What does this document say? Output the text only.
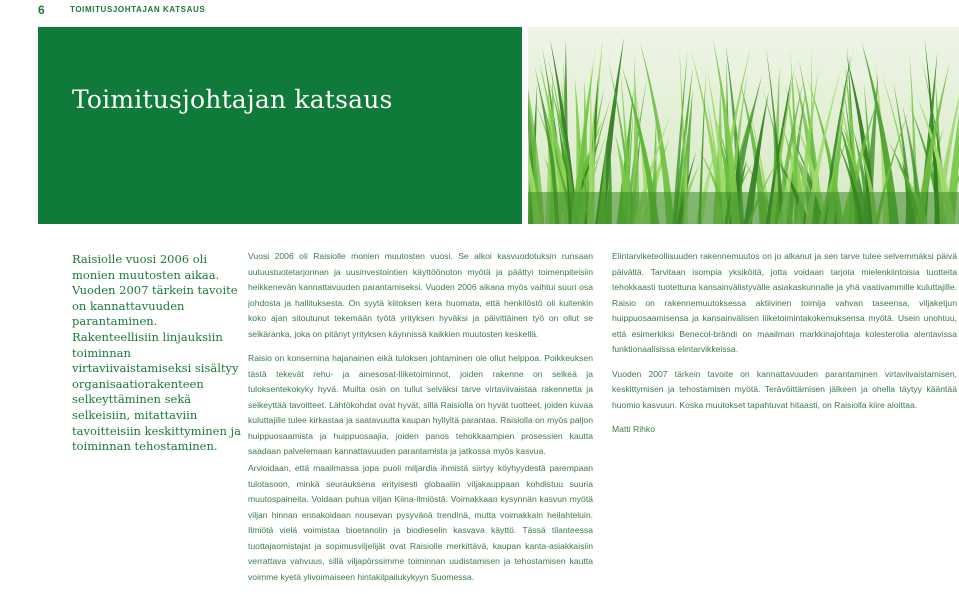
6	TOIMITUSJOHTAJAN KATSAUS
Toimitusjohtajan katsaus

Raisiolle vuosi 2006 oli monien muutosten aikaa. Vuoden 2007 tärkein tavoite on kannattavuuden parantaminen. Rakenteellisiin linjauksiin toiminnan virtaviivaistamiseksi sisältyy organisaatiorakenteen selkeyttäminen sekä selkeisiin, mitattaviin tavoitteisiin keskittyminen ja toiminnan tehostaminen.

Vuosi 2006 oli Raisiolle monien muutosten vuosi. Se alkoi kasvuodotuksin runsaan uutuustuotetarjonnan ja uusinvestointien käyttöönoton myötä ja päättyi toimenpiteisiin heikkenevän kannattavuuden parantamiseksi. Vuoden 2006 aikana myös vaihtui suuri osa johdosta ja hallituksesta. On syytä kiitoksen kera huomata, että henkilöstö oli kuitenkin koko ajan sitoutunut tekemään työtä yrityksen hyväksi ja päivittäinen työ on ollut se selkäranka, joka on pitänyt yrityksen käynnissä kaikkien muutosten keskellä.

Raisio on konsernina hajanainen eikä tuloksen johtaminen ole ollut helppoa. Poikkeuksen tästä tekevät rehu- ja ainesosat-liiketoiminnot, joiden rakenne on selkeä ja tuloksentekokyky hyvä. Muilta osin on tullut selväksi tarve virtaviivaistaa rakennetta ja selkeyttää tavoitteet. Lähtökohdat ovat hyvät, sillä Raisiolla on hyvät tuotteet, joiden kuvaa kuluttajille tulee kirkastaa ja saatavuutta kaupan hyllyltä parantaa. Raisiolla on myös paljon huippuosaamista ja huippuosaajia, joiden panos tehokkaampien prosessien kautta saadaan palvelemaan kannattavuuden parantamista ja jatkossa myös kasvua.

Arvioidaan, että maailmassa jopa puoli miljardia ihmistä siirtyy köyhyydestä parempaan tulotasoon, minkä seurauksena erityisesti globaaliin viljakauppaan kohdistuu suuria muutospaineita. Voidaan puhua viljan Kiina-ilmiöstä. Voimakkaan kysynnän kasvun myötä viljan hinnan ennakoidaan nousevan pysyvänä trendinä, mutta voimakkain heilahteluin. Ilmiötä vielä voimistaa bioetanolin ja biodieselin kasvava käyttö. Tässä tilanteessa tuottajaomistajat ja sopimusviljelijät ovat Raisiolle merkittävä, kaupan kanta-asiakkaisiin verrattava vahvuus, sillä viljapörssimme toiminnan uudistamisen ja tehostamisen kautta voimme kyetä ylivoimaiseen hintakilpailukykyyn Suomessa.

Elintarviketeollisuuden rakennemuutos on jo alkanut ja sen tarve tulee selvemmäksi päivä päivältä. Tarvitaan isompia yksiköitä, jotta voidaan tarjota mielenkiintoisia tuotteita tehokkaasti tuotettuna kansainvälistyvälle asiakaskunnalle ja yhä vaativammille kuluttajille. Raisio on rakennemuutoksessa aktiivinen toimija vahvan taseensa, viljaketjun huippuosaamisensa ja kansainvälisen liiketoimintakokemuksensa myötä. Usein unohtuu, että esimerkiksi Benecol-brändi on maailman markkinajohtaja kolesterolia alentavissa funktionaalisissa elintarvikkeissa.

Vuoden 2007 tärkein tavoite on kannattavuuden parantaminen virtaviivaistamisen, keskittymisen ja tehostamisen myötä. Terävöittämisen jälkeen ja ohella täytyy kääntää huomio kasvuun. Koska muutokset tapahtuvat hitaasti, on Raisiolla kiire aloittaa.

Matti Rihko
